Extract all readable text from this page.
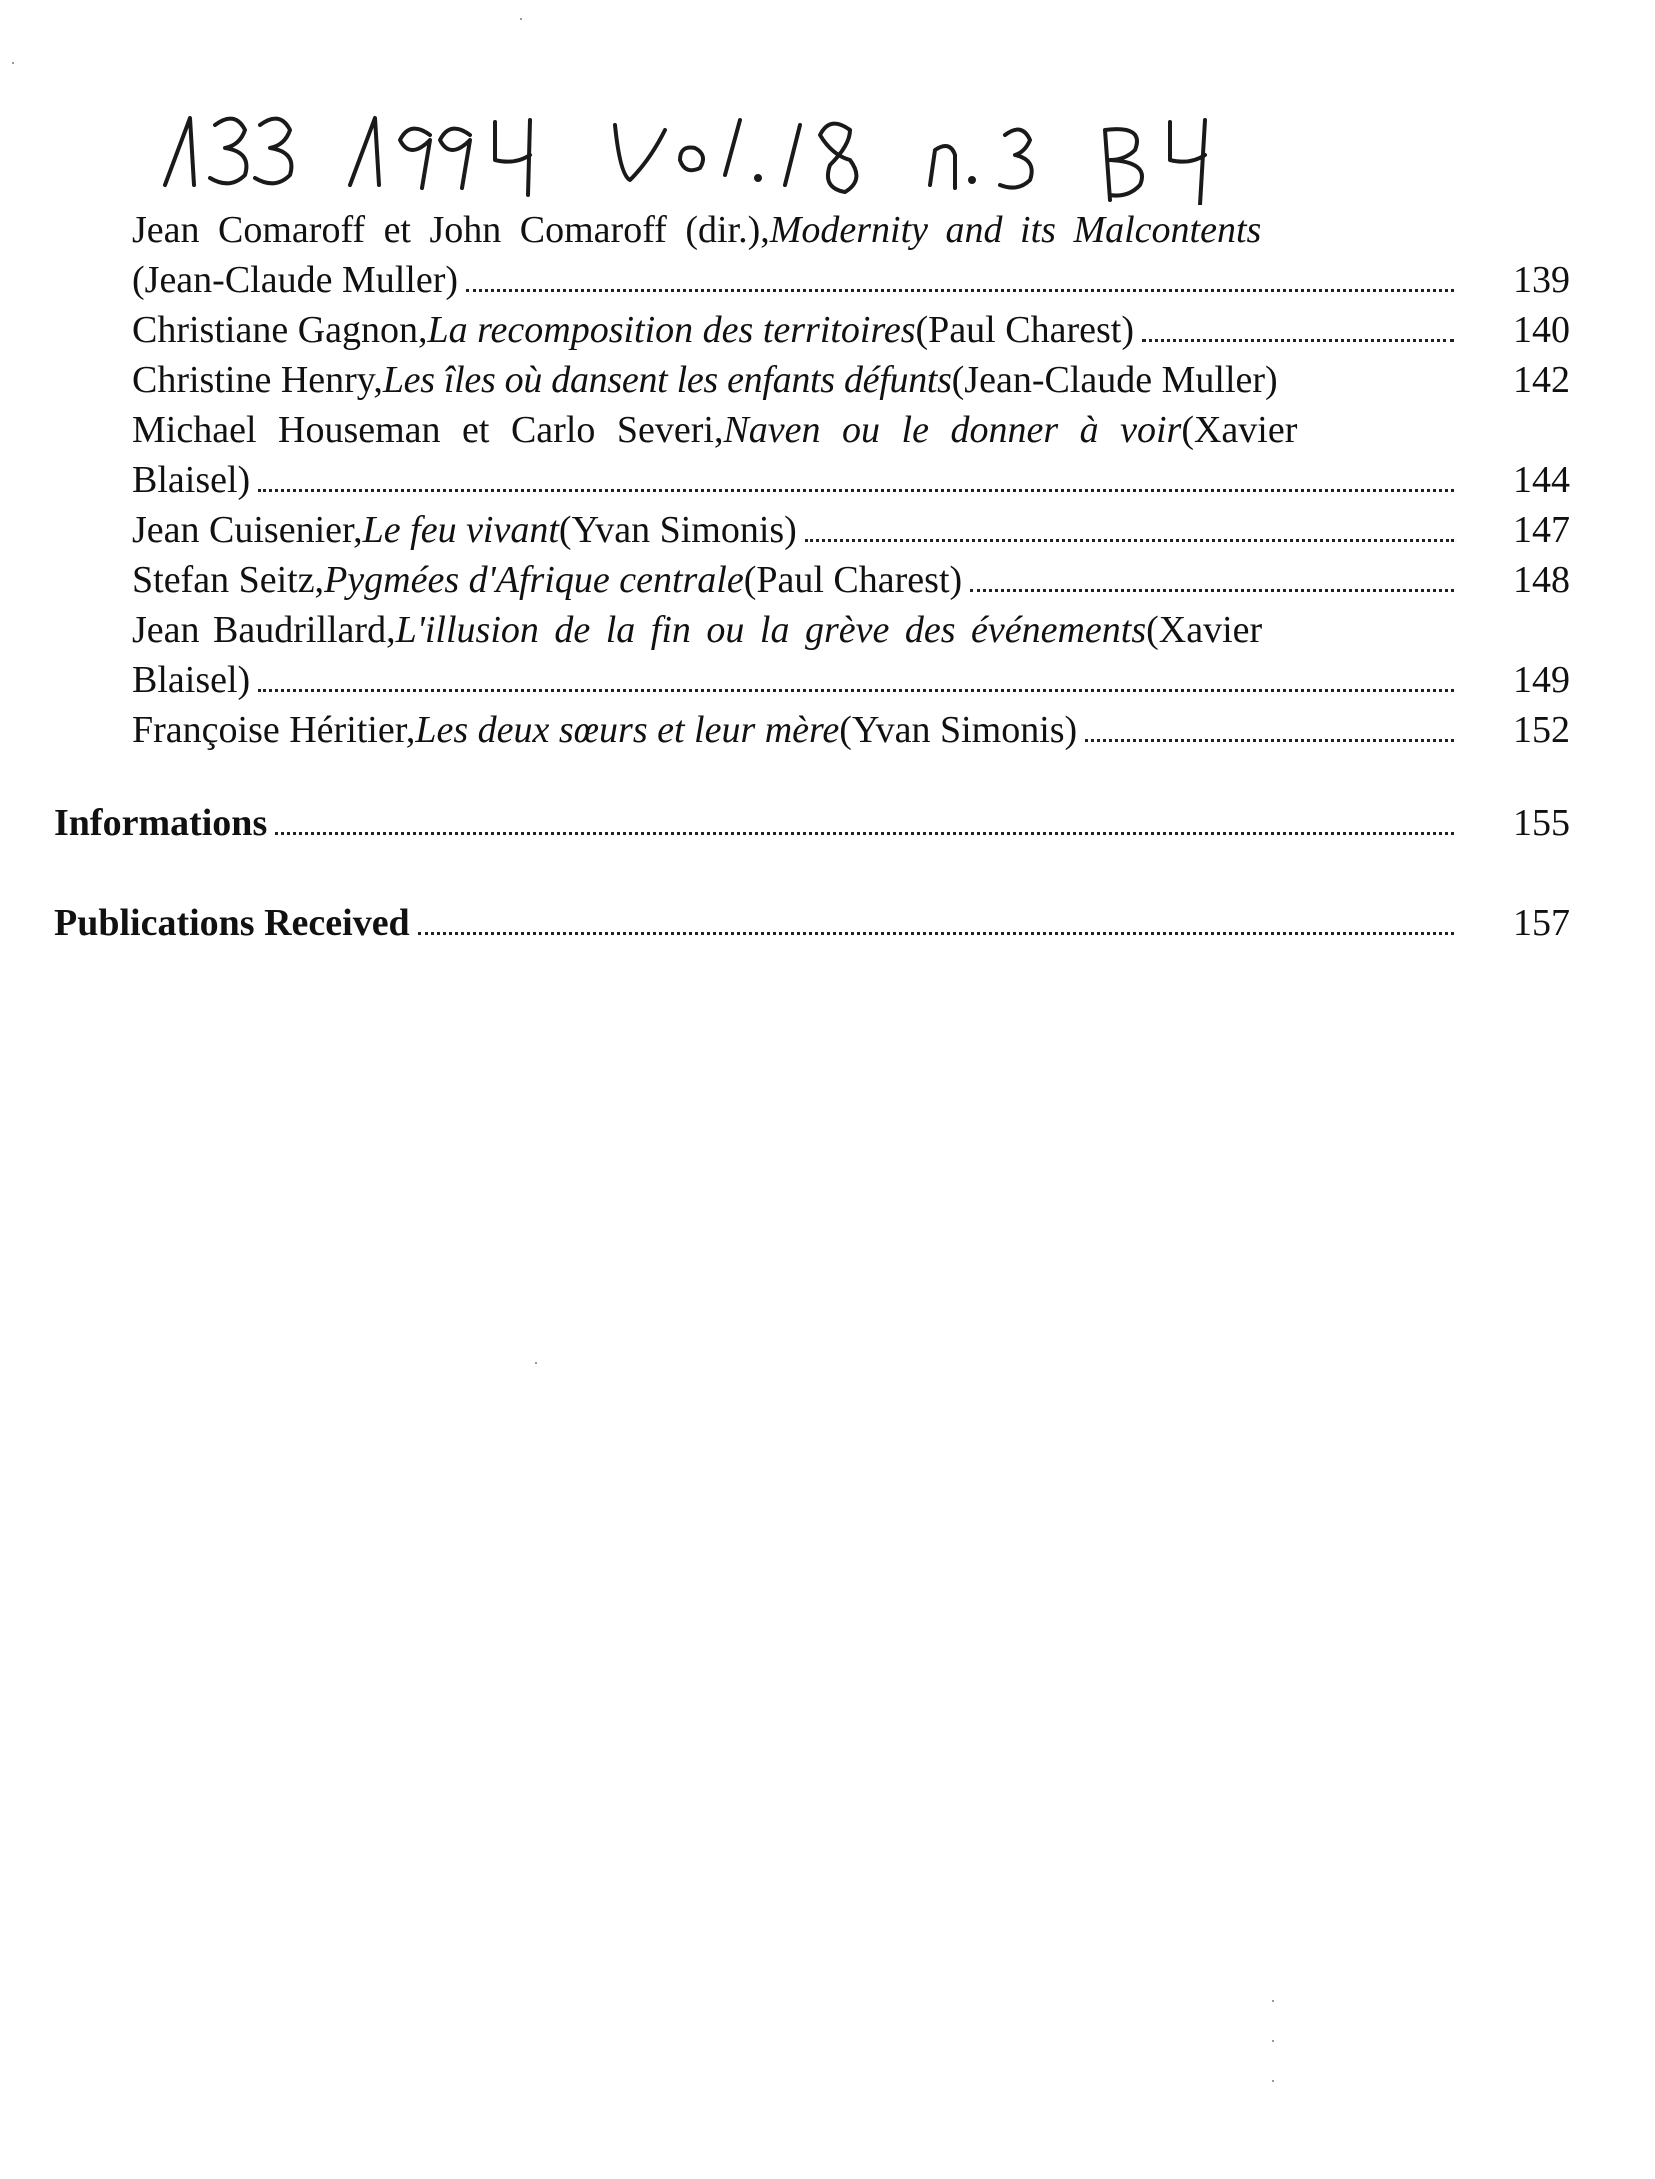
Jean Comaroff et John Comaroff (dir.), Modernity and its Malcontents
(Jean-Claude Muller)	139
Christiane Gagnon, La recomposition des territoires (Paul Charest)	140
Christine Henry, Les îles où dansent les enfants défunts (Jean-Claude Muller)	142
Michael Houseman et Carlo Severi, Naven ou le donner à voir (Xavier
Blaisel)	144
Jean Cuisenier, Le feu vivant (Yvan Simonis)	147
Stefan Seitz, Pygmées d'Afrique centrale (Paul Charest)	148
Jean Baudrillard, L'illusion de la fin ou la grève des événements (Xavier
Blaisel)	149
Françoise Héritier, Les deux sœurs et leur mère (Yvan Simonis)	152
Informations	155
Publications Received	157
